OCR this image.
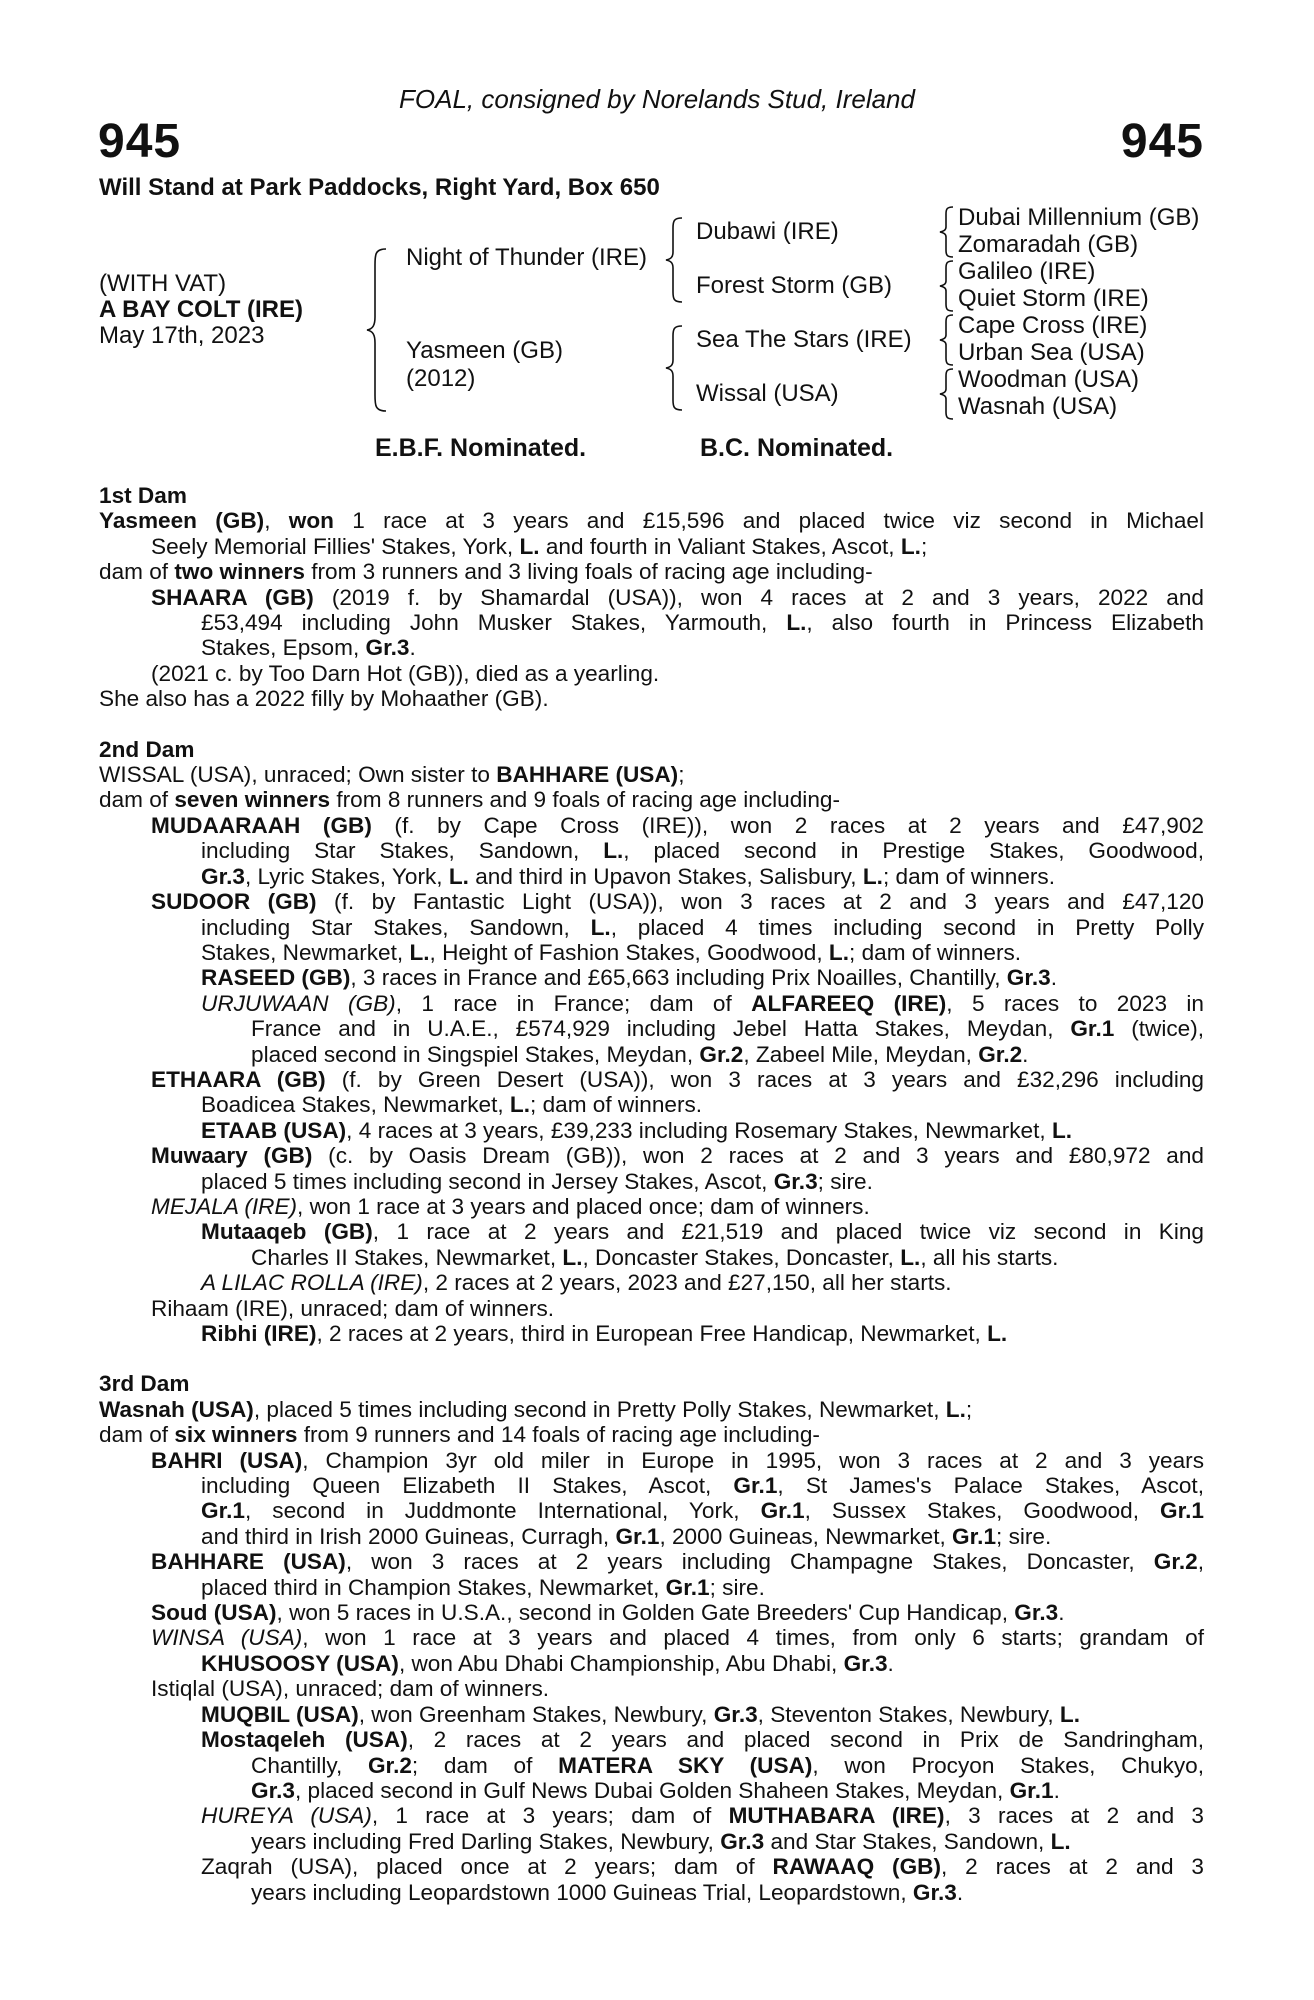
FOAL, consigned by Norelands Stud, Ireland
945	945
Will Stand at Park Paddocks, Right Yard, Box 650
(WITH VAT)
A BAY COLT (IRE)
May 17th, 2023
Night of Thunder (IRE)
Yasmeen (GB)
(2012)
Dubawi (IRE)
Forest Storm (GB)
Sea The Stars (IRE)
Wissal (USA)
Dubai Millennium (GB)
Zomaradah (GB)
Galileo (IRE)
Quiet Storm (IRE)
Cape Cross (IRE)
Urban Sea (USA)
Woodman (USA)
Wasnah (USA)
E.B.F. Nominated.	B.C. Nominated.
1st Dam
Yasmeen (GB), won 1 race at 3 years and £15,596 and placed twice viz second in Michael
Seely Memorial Fillies' Stakes, York, L. and fourth in Valiant Stakes, Ascot, L.;
dam of two winners from 3 runners and 3 living foals of racing age including-
SHAARA (GB) (2019 f. by Shamardal (USA)), won 4 races at 2 and 3 years, 2022 and
£53,494 including John Musker Stakes, Yarmouth, L., also fourth in Princess Elizabeth
Stakes, Epsom, Gr.3.
(2021 c. by Too Darn Hot (GB)), died as a yearling.
She also has a 2022 filly by Mohaather (GB).
2nd Dam
WISSAL (USA), unraced; Own sister to BAHHARE (USA);
dam of seven winners from 8 runners and 9 foals of racing age including-
MUDAARAAH (GB) (f. by Cape Cross (IRE)), won 2 races at 2 years and £47,902
including Star Stakes, Sandown, L., placed second in Prestige Stakes, Goodwood,
Gr.3, Lyric Stakes, York, L. and third in Upavon Stakes, Salisbury, L.; dam of winners.
SUDOOR (GB) (f. by Fantastic Light (USA)), won 3 races at 2 and 3 years and £47,120
including Star Stakes, Sandown, L., placed 4 times including second in Pretty Polly
Stakes, Newmarket, L., Height of Fashion Stakes, Goodwood, L.; dam of winners.
RASEED (GB), 3 races in France and £65,663 including Prix Noailles, Chantilly, Gr.3.
URJUWAAN (GB), 1 race in France; dam of ALFAREEQ (IRE), 5 races to 2023 in
France and in U.A.E., £574,929 including Jebel Hatta Stakes, Meydan, Gr.1 (twice),
placed second in Singspiel Stakes, Meydan, Gr.2, Zabeel Mile, Meydan, Gr.2.
ETHAARA (GB) (f. by Green Desert (USA)), won 3 races at 3 years and £32,296 including
Boadicea Stakes, Newmarket, L.; dam of winners.
ETAAB (USA), 4 races at 3 years, £39,233 including Rosemary Stakes, Newmarket, L.
Muwaary (GB) (c. by Oasis Dream (GB)), won 2 races at 2 and 3 years and £80,972 and
placed 5 times including second in Jersey Stakes, Ascot, Gr.3; sire.
MEJALA (IRE), won 1 race at 3 years and placed once; dam of winners.
Mutaaqeb (GB), 1 race at 2 years and £21,519 and placed twice viz second in King
Charles II Stakes, Newmarket, L., Doncaster Stakes, Doncaster, L., all his starts.
A LILAC ROLLA (IRE), 2 races at 2 years, 2023 and £27,150, all her starts.
Rihaam (IRE), unraced; dam of winners.
Ribhi (IRE), 2 races at 2 years, third in European Free Handicap, Newmarket, L.
3rd Dam
Wasnah (USA), placed 5 times including second in Pretty Polly Stakes, Newmarket, L.;
dam of six winners from 9 runners and 14 foals of racing age including-
BAHRI (USA), Champion 3yr old miler in Europe in 1995, won 3 races at 2 and 3 years
including Queen Elizabeth II Stakes, Ascot, Gr.1, St James's Palace Stakes, Ascot,
Gr.1, second in Juddmonte International, York, Gr.1, Sussex Stakes, Goodwood, Gr.1
and third in Irish 2000 Guineas, Curragh, Gr.1, 2000 Guineas, Newmarket, Gr.1; sire.
BAHHARE (USA), won 3 races at 2 years including Champagne Stakes, Doncaster, Gr.2,
placed third in Champion Stakes, Newmarket, Gr.1; sire.
Soud (USA), won 5 races in U.S.A., second in Golden Gate Breeders' Cup Handicap, Gr.3.
WINSA (USA), won 1 race at 3 years and placed 4 times, from only 6 starts; grandam of
KHUSOOSY (USA), won Abu Dhabi Championship, Abu Dhabi, Gr.3.
Istiqlal (USA), unraced; dam of winners.
MUQBIL (USA), won Greenham Stakes, Newbury, Gr.3, Steventon Stakes, Newbury, L.
Mostaqeleh (USA), 2 races at 2 years and placed second in Prix de Sandringham,
Chantilly, Gr.2; dam of MATERA SKY (USA), won Procyon Stakes, Chukyo,
Gr.3, placed second in Gulf News Dubai Golden Shaheen Stakes, Meydan, Gr.1.
HUREYA (USA), 1 race at 3 years; dam of MUTHABARA (IRE), 3 races at 2 and 3
years including Fred Darling Stakes, Newbury, Gr.3 and Star Stakes, Sandown, L.
Zaqrah (USA), placed once at 2 years; dam of RAWAAQ (GB), 2 races at 2 and 3
years including Leopardstown 1000 Guineas Trial, Leopardstown, Gr.3.
